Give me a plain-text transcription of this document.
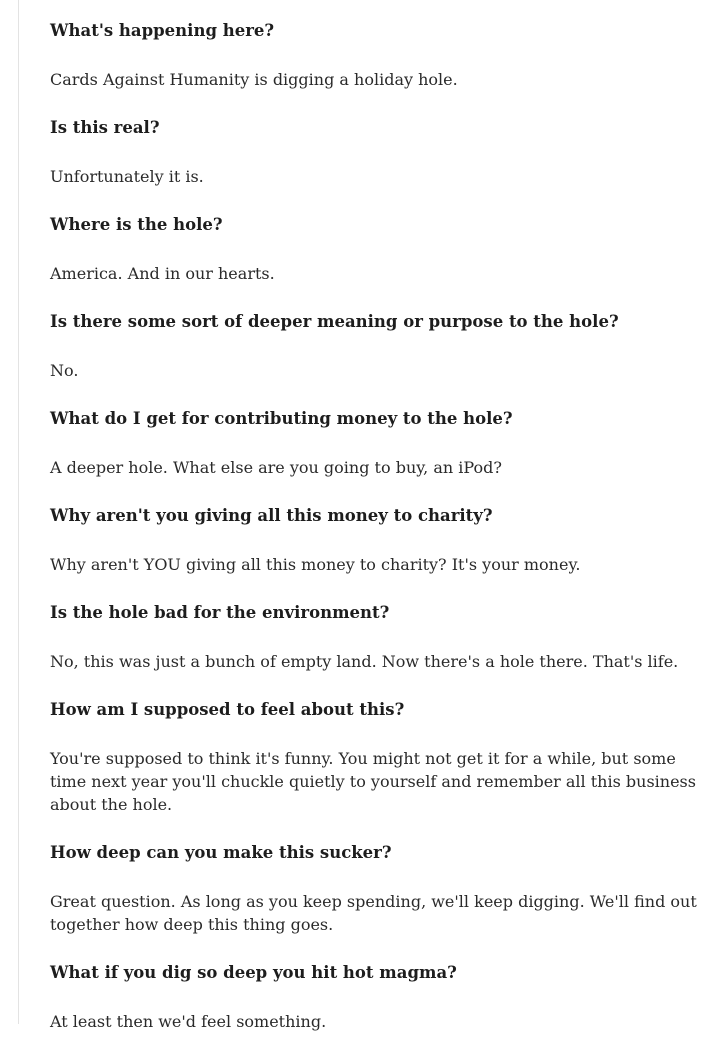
What's happening here?

Cards Against Humanity is digging a holiday hole.

Is this real?

Unfortunately it is.

Where is the hole?

America. And in our hearts.

Is there some sort of deeper meaning or purpose to the hole?

No.

What do I get for contributing money to the hole?

A deeper hole. What else are you going to buy, an iPod?

Why aren't you giving all this money to charity?

Why aren't YOU giving all this money to charity? It's your money.

Is the hole bad for the environment?

No, this was just a bunch of empty land. Now there's a hole there. That's life.

How am I supposed to feel about this?

You're supposed to think it's funny. You might not get it for a while, but some time next year you'll chuckle quietly to yourself and remember all this business about the hole.

How deep can you make this sucker?

Great question. As long as you keep spending, we'll keep digging. We'll find out together how deep this thing goes.

What if you dig so deep you hit hot magma?

At least then we'd feel something.
